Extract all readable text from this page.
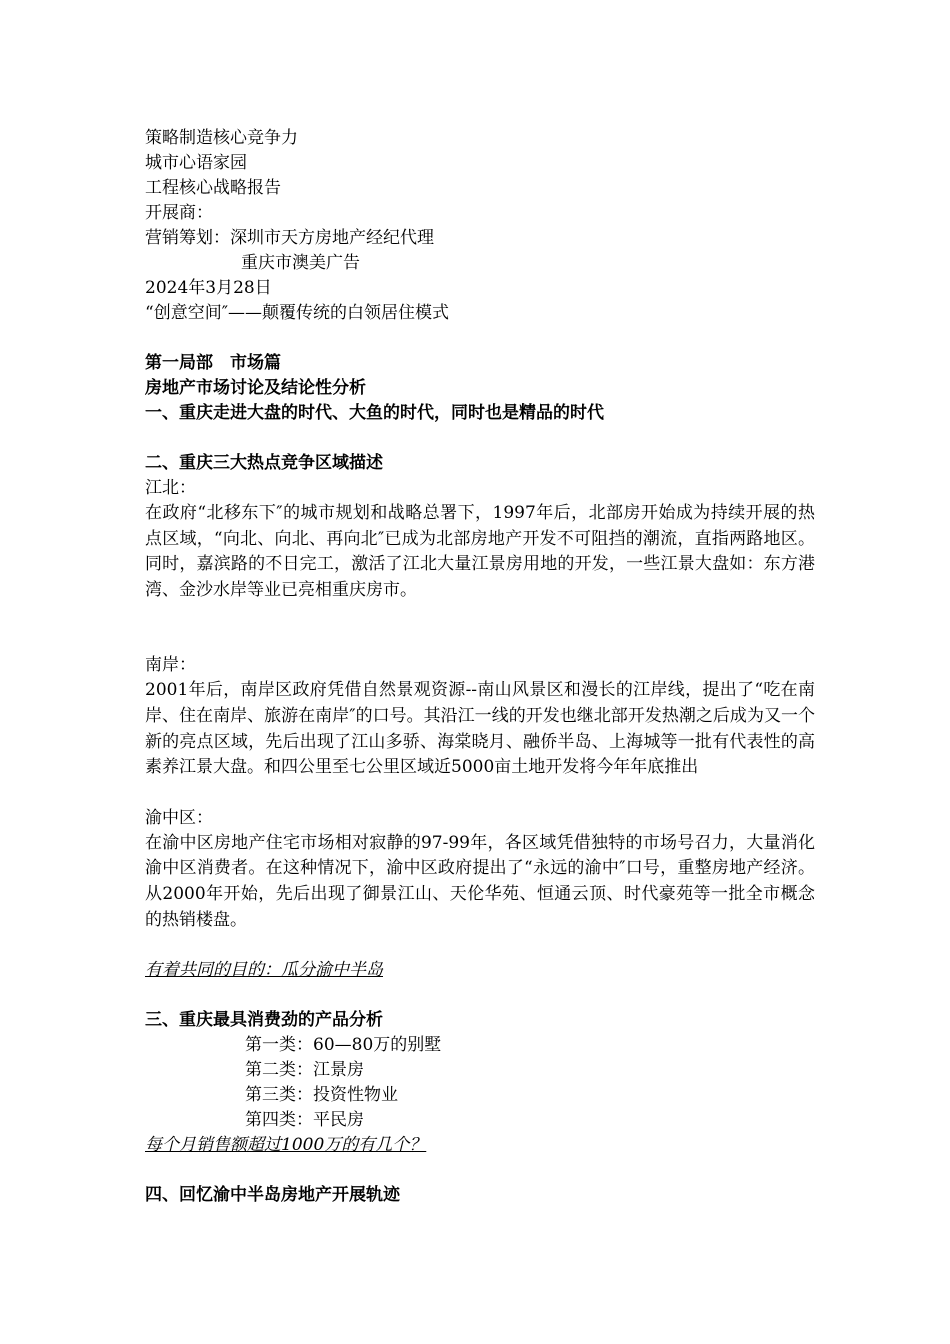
策略制造核心竞争力
城市心语家园
工程核心战略报告
开展商：
营销筹划：深圳市天方房地产经纪代理
重庆市澳美广告
2024年3月28日
“创意空间″——颠覆传统的白领居住模式
第一局部　市场篇
房地产市场讨论及结论性分析
一、重庆走进大盘的时代、大鱼的时代，同时也是精品的时代
二、重庆三大热点竞争区域描述
江北：
在政府“北移东下″的城市规划和战略总署下，1997年后，北部房开始成为持续开展的热点区域，“向北、向北、再向北″已成为北部房地产开发不可阻挡的潮流，直指两路地区。同时，嘉滨路的不日完工，激活了江北大量江景房用地的开发，一些江景大盘如：东方港湾、金沙水岸等业已亮相重庆房市。
南岸：
2001年后，南岸区政府凭借自然景观资源--南山风景区和漫长的江岸线，提出了“吃在南岸、住在南岸、旅游在南岸″的口号。其沿江一线的开发也继北部开发热潮之后成为又一个新的亮点区域，先后出现了江山多骄、海棠晓月、融侨半岛、上海城等一批有代表性的高素养江景大盘。和四公里至七公里区域近5000亩土地开发将今年年底推出
渝中区：
在渝中区房地产住宅市场相对寂静的97-99年，各区域凭借独特的市场号召力，大量消化渝中区消费者。在这种情况下，渝中区政府提出了“永远的渝中″口号，重整房地产经济。从2000年开始，先后出现了御景江山、天伦华苑、恒通云顶、时代豪苑等一批全市概念的热销楼盘。
有着共同的目的：瓜分渝中半岛
三、重庆最具消费劲的产品分析
第一类：60—80万的别墅
第二类：江景房
第三类：投资性物业
第四类：平民房
每个月销售额超过1000万的有几个？
四、回忆渝中半岛房地产开展轨迹
